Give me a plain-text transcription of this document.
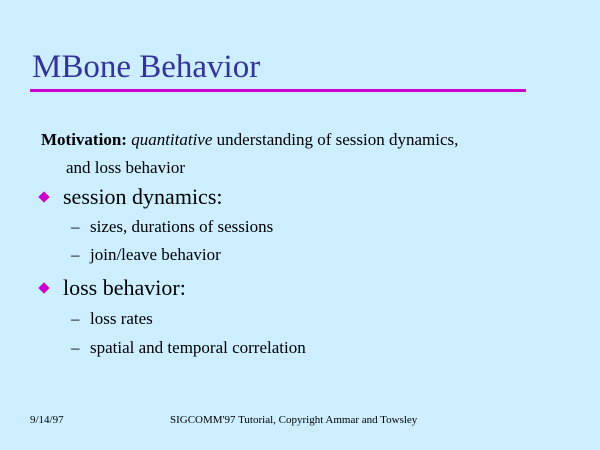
MBone Behavior
Motivation: quantitative understanding of session dynamics,
and loss behavior
session dynamics:
– sizes, durations of sessions
– join/leave behavior
loss behavior:
– loss rates
– spatial and temporal correlation
9/14/97	SIGCOMM'97 Tutorial, Copyright Ammar and Towsley
